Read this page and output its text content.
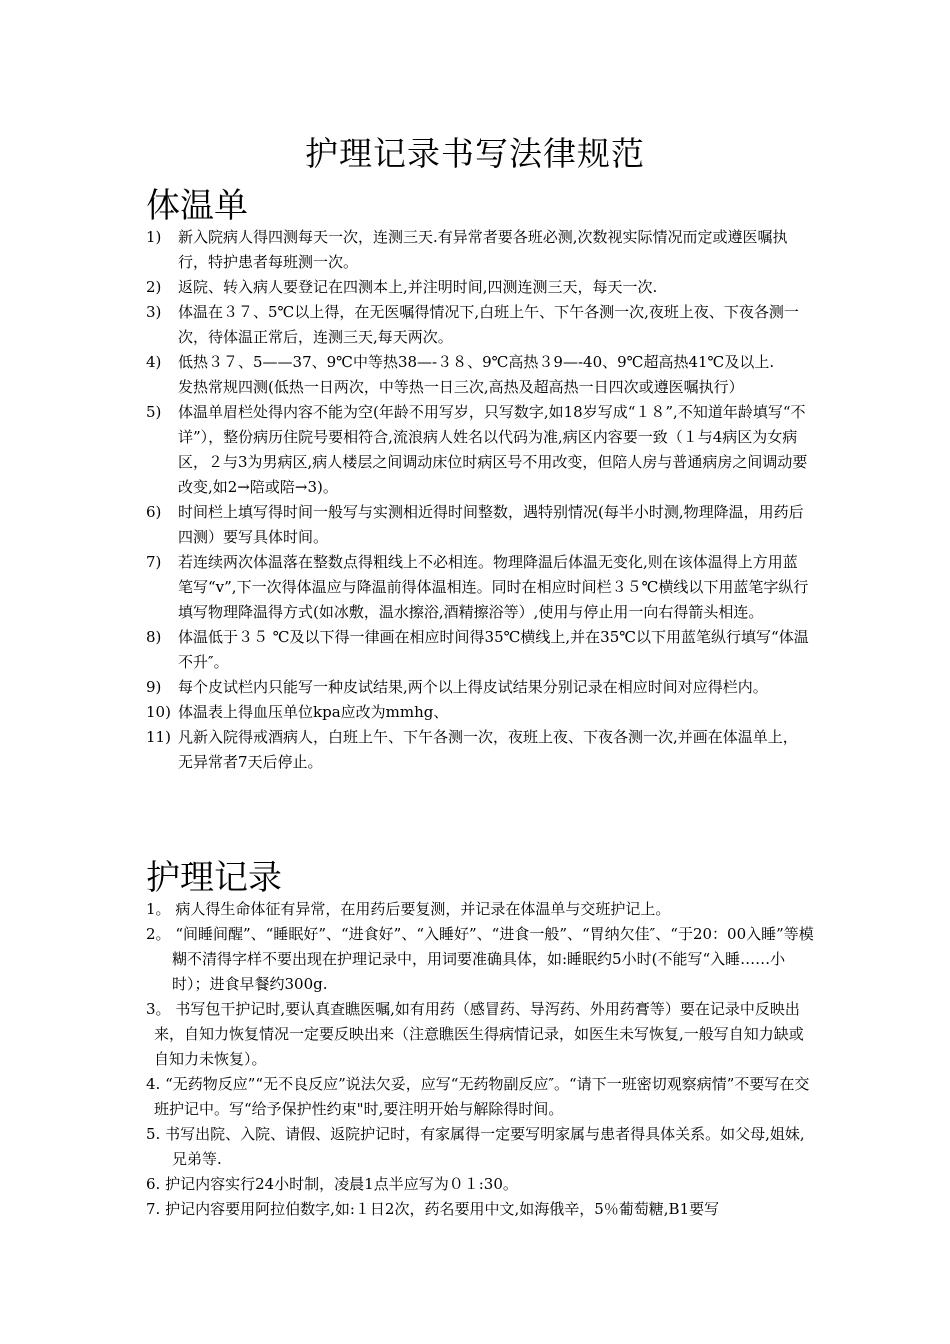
护理记录书写法律规范
体温单
1) 新入院病人得四测每天一次，连测三天.有异常者要各班必测,次数视实际情况而定或遵医嘱执行，特护患者每班测一次。
2) 返院、转入病人要登记在四测本上,并注明时间,四测连测三天，每天一次.
3) 体温在３７、5℃以上得，在无医嘱得情况下,白班上午、下午各测一次,夜班上夜、下夜各测一次，待体温正常后，连测三天,每天两次。
4) 低热３７、5——37、9℃中等热38—-３８、9℃高热３9—-40、9℃超高热41℃及以上.　　　发热常规四测(低热一日两次，中等热一日三次,高热及超高热一日四次或遵医嘱执行）
5) 体温单眉栏处得内容不能为空(年龄不用写岁，只写数字,如18岁写成“１８”,不知道年龄填写“不详”），整份病历住院号要相符合,流浪病人姓名以代码为准,病区内容要一致（１与4病区为女病区，２与3为男病区,病人楼层之间调动床位时病区号不用改变，但陪人房与普通病房之间调动要改变,如2→陪或陪→3)。
6) 时间栏上填写得时间一般写与实测相近得时间整数，遇特别情况(每半小时测,物理降温，用药后四测）要写具体时间。
7) 若连续两次体温落在整数点得粗线上不必相连。物理降温后体温无变化,则在该体温得上方用蓝笔写“v”,下一次得体温应与降温前得体温相连。同时在相应时间栏３５℃横线以下用蓝笔字纵行填写物理降温得方式(如冰敷，温水擦浴,酒精擦浴等）,使用与停止用一向右得箭头相连。
8) 体温低于３５ ℃及以下得一律画在相应时间得35℃横线上,并在35℃以下用蓝笔纵行填写“体温不升″。
9) 每个皮试栏内只能写一种皮试结果,两个以上得皮试结果分别记录在相应时间对应得栏内。
10) 体温表上得血压单位kpa应改为mmhg、
11) 凡新入院得戒酒病人，白班上午、下午各测一次，夜班上夜、下夜各测一次,并画在体温单上，无异常者7天后停止。
护理记录
1。 病人得生命体征有异常，在用药后要复测，并记录在体温单与交班护记上。
2。 “间睡间醒”、“睡眠好”、“进食好”、“入睡好”、“进食一般”、“胃纳欠佳″、“于20：00入睡”等模糊不清得字样不要出现在护理记录中，用词要准确具体，如:睡眠约5小时(不能写“入睡……小时）；进食早餐约300g.
3。 书写包干护记时,要认真查瞧医嘱,如有用药（感冒药、导泻药、外用药膏等）要在记录中反映出来，自知力恢复情况一定要反映出来（注意瞧医生得病情记录，如医生未写恢复,一般写自知力缺或自知力未恢复）。
4. “无药物反应”“无不良反应”说法欠妥，应写“无药物副反应″。“请下一班密切观察病情”不要写在交班护记中。写“给予保护性约束"时,要注明开始与解除得时间。
5. 书写出院、入院、请假、返院护记时，有家属得一定要写明家属与患者得具体关系。如父母,姐妹,兄弟等.
6. 护记内容实行24小时制，凌晨1点半应写为０１:30。
7. 护记内容要用阿拉伯数字,如:１日2次，药名要用中文,如海俄辛，5％葡萄糖,B1要写
